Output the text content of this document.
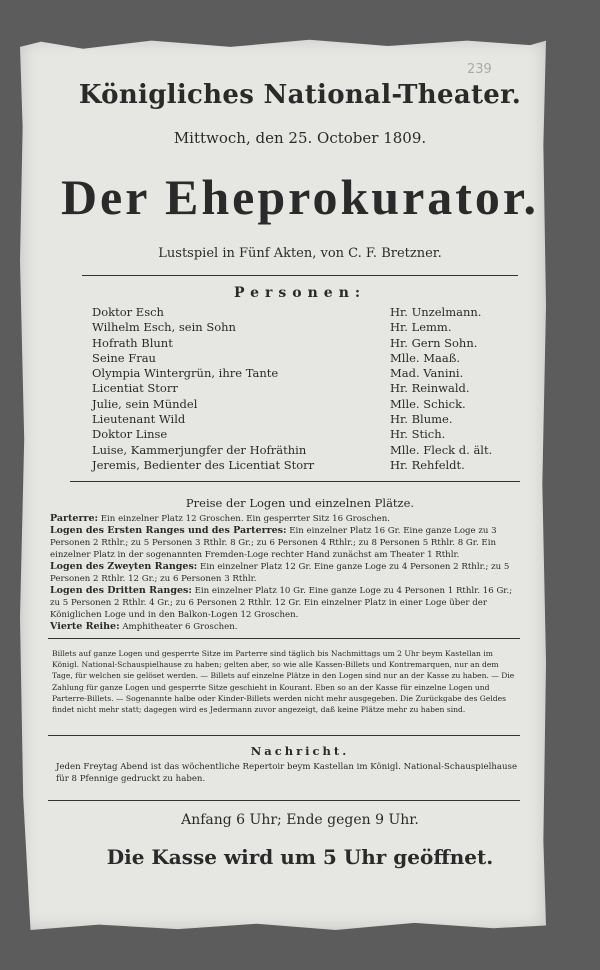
239
Königliches National-Theater.
Mittwoch, den 25. October 1809.
Der Eheprokurator.
Lustspiel in Fünf Akten, von C. F. Bretzner.
Personen:
Doktor Esch	Hr. Unzelmann.
Wilhelm Esch, sein Sohn	Hr. Lemm.
Hofrath Blunt	Hr. Gern Sohn.
Seine Frau	Mlle. Maaß.
Olympia Wintergrün, ihre Tante	Mad. Vanini.
Licentiat Storr	Hr. Reinwald.
Julie, sein Mündel	Mlle. Schick.
Lieutenant Wild	Hr. Blume.
Doktor Linse	Hr. Stich.
Luise, Kammerjungfer der Hofräthin	Mlle. Fleck d. ält.
Jeremis, Bedienter des Licentiat Storr	Hr. Rehfeldt.
Preise der Logen und einzelnen Plätze.

Parterre: Ein einzelner Platz 12 Groschen. Ein gesperrter Sitz 16 Groschen.

Logen des Ersten Ranges und des Parterres: Ein einzelner Platz 16 Gr. Eine ganze Loge zu 3 Personen 2 Rthlr.; zu 5 Personen 3 Rthlr. 8 Gr.; zu 6 Personen 4 Rthlr.; zu 8 Personen 5 Rthlr. 8 Gr. Ein einzelner Platz in der sogenannten Fremden-Loge rechter Hand zunächst am Theater 1 Rthlr.

Logen des Zweyten Ranges: Ein einzelner Platz 12 Gr. Eine ganze Loge zu 4 Personen 2 Rthlr.; zu 5 Personen 2 Rthlr. 12 Gr.; zu 6 Personen 3 Rthlr.

Logen des Dritten Ranges: Ein einzelner Platz 10 Gr. Eine ganze Loge zu 4 Personen 1 Rthlr. 16 Gr.; zu 5 Personen 2 Rthlr. 4 Gr.; zu 6 Personen 2 Rthlr. 12 Gr. Ein einzelner Platz in einer Loge über der Königlichen Loge und in den Balkon-Logen 12 Groschen.

Vierte Reihe: Amphitheater 6 Groschen.

Billets auf ganze Logen und gesperrte Sitze im Parterre sind täglich bis Nachmittags um 2 Uhr beym Kastellan im Königl. National-Schauspielhause zu haben; gelten aber, so wie alle Kassen-Billets und Kontremarquen, nur an dem Tage, für welchen sie gelöset werden. — Billets auf einzelne Plätze in den Logen sind nur an der Kasse zu haben. — Die Zahlung für ganze Logen und gesperrte Sitze geschieht in Kourant. Eben so an der Kasse für einzelne Logen und Parterre-Billets. — Sogenannte halbe oder Kinder-Billets werden nicht mehr ausgegeben. Die Zurückgabe des Geldes findet nicht mehr statt; dagegen wird es Jedermann zuvor angezeigt, daß keine Plätze mehr zu haben sind.
Nachricht.
Jeden Freytag Abend ist das wöchentliche Repertoir beym Kastellan im Königl. National-Schauspielhause für 8 Pfennige gedruckt zu haben.
Anfang 6 Uhr; Ende gegen 9 Uhr.
Die Kasse wird um 5 Uhr geöffnet.
